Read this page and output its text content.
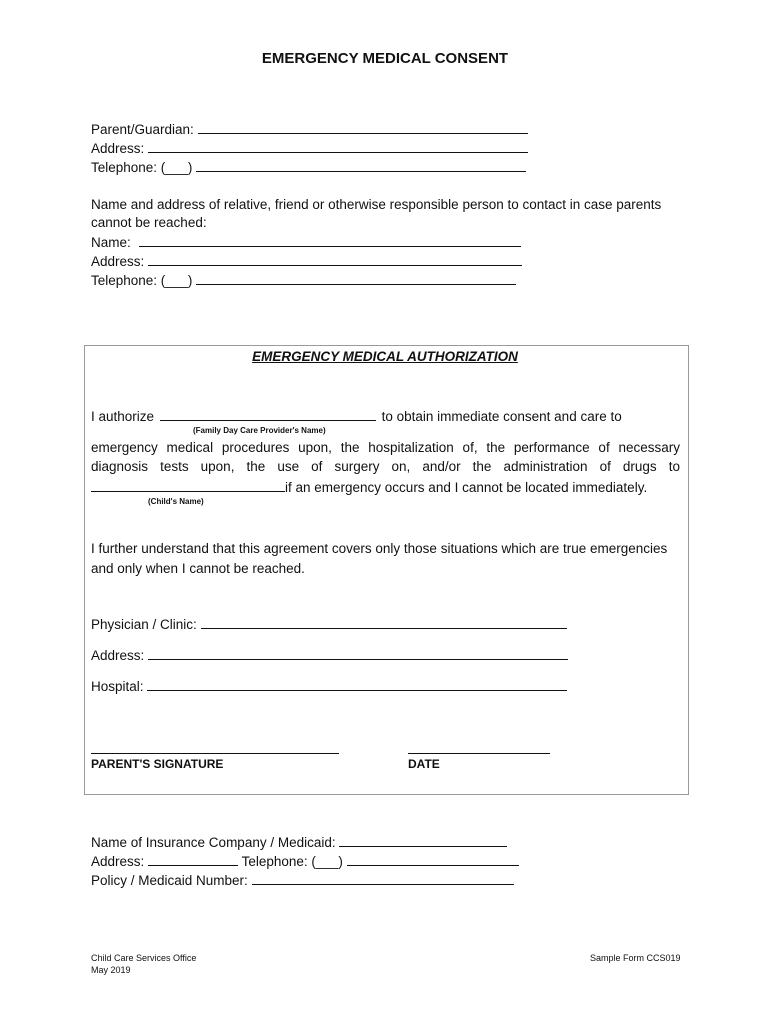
EMERGENCY MEDICAL CONSENT
Parent/Guardian:
Address:
Telephone: (___)
Name and address of relative, friend or otherwise responsible person to contact in case parents
cannot be reached:
Name:
Address:
Telephone: (___)
EMERGENCY MEDICAL AUTHORIZATION
I authorize	to obtain immediate consent and care to
(Family Day Care Provider's Name)
emergency medical procedures upon, the hospitalization of, the performance of necessary
diagnosis tests upon, the use of surgery on, and/or the administration of drugs to
if an emergency occurs and I cannot be located immediately.
(Child's Name)
I further understand that this agreement covers only those situations which are true emergencies
and only when I cannot be reached.
Physician / Clinic:
Address:
Hospital:
PARENT'S SIGNATURE	DATE
Name of Insurance Company / Medicaid:
Address:	Telephone: (___)
Policy / Medicaid Number:
Child Care Services Office
May 2019
Sample Form CCS019
